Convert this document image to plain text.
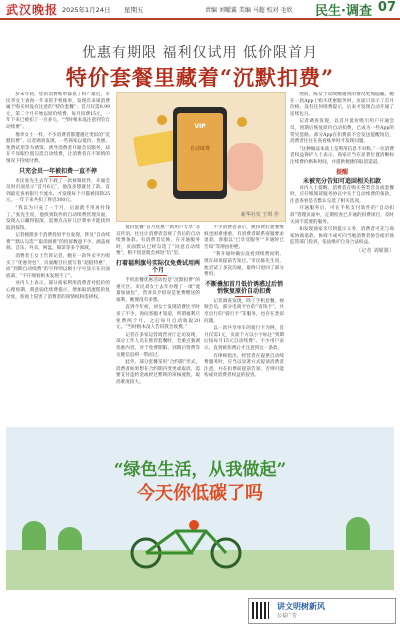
武汉晚报 2025年1月24日 星期五	责编 刘曜翼 美编 马超 校对 毛欣 民生·调查 07
优惠有期限 福利仅试用 低价限首月
特价套餐里藏着“沉默扣费”

岁末年初，您的消费账单都查了吗？最近，市民李女士查询一年来的手机账单，发现有多项消费属于购买时没有注意的“特价套餐”：首月仅需0.99元，第二个月开始以原价续费，每月扣费15元，一年下来已被扣了一百多元，“当时根本没注意到会自动续费”。

像李女士一样，不少消费者都遭遇过类似的“沉默扣费”。记者调查发现，一些商家以低价、优惠、免费试用等为诱饵，诱导消费者开通会员服务，却在不显眼位置勾选自动续费，让消费者在不知情的情况下持续付费。

只充会员一年被扣费一直不停

市民张先生去年下载了一款视频软件，开通会员时页面显示“首月6元”，他没多想就付了款。直到最近查看银行卡流水，才发现每个月都被扣除25元，一年下来共扣了将近300元。

“我以为只充了一个月，后面就不用再付钱了。”张先生说，他找到软件的自动续费管理页面，发现入口藏得很深，需要点击好几层菜单才能找到取消按钮。

记者梳理多个消费投诉平台发现，涉及“自动续费”“默认勾选”“取消困难”的投诉数量不少，涵盖视频、音乐、外卖、网盘、阅读等多个领域。

消费者王女士告诉记者，她在一款外卖平台购买了“优惠券包”，页面醒目位置写着“超值特惠”，而“到期自动续费”的字样则以极小字号显示在页面底部，“不仔细看根本发现不了”。

业内人士表示，部分商家利用消费者对低价的心理预期，刻意弱化续费提示，增加取消流程的复杂度，客观上侵害了消费者的知情权和选择权。

VIP
自动续费
新华社发 王琪 作

低价套餐“首月优惠”“新用户专享”等宣传语，往往让消费者忽视了背后的自动续费条款。有消费者反映，在开通服务时，页面默认已经勾选了“同意自动续费”，稍不留意就会掉进“坑”里。

打着福利旗号实际仅免费试用两个月

手机套餐优惠活动也是“沉默扣费”的重灾区。市民刘女士去年办理了一项“流量加油包”，营业员介绍说是免费赠送的福利，她便没有多想。

直到今年初，刘女士发现话费比平时多了不少，询问客服才知道，所谓福利只免费两个月，之后每月自动收取20元。“当时根本没人告诉我会收费。”

记者在多家运营商营业厅走访发现，部分工作人员在推荐套餐时，会重点强调优惠内容，对于免费期限、到期后资费等关键信息则一带而过。

此外，部分套餐采用“合约期”形式，消费者如果想在合约期内变更或取消，需要支付违约金或经过繁琐的审核流程，取消难度较大。

不少消费者表示，被扣费后想要维权也困难重重。有消费者联系客服要求退款，客服以“已享受服务”“开通时已告知”等理由拒绝。

“我开通时确实没看到续费说明，现在却说提前告知过。”市民陈先生说，他尝试了多次沟通，最终只退回了部分费用。

不断叠加首月低价诱惑过后悄悄恢复原价自动扣费

记者调查发现，除了手机套餐、视频会员，部分电商平台的“省钱卡”、共享出行的“骑行卡”等服务，也存在类似问题。

以一款共享单车的骑行卡为例，首月仅需1元，页面下方以小字标注“到期后按每月15元自动续费”。不少用户表示，直到被扣费后才注意到这一条款。

有律师指出，经营者在提供自动续费服务时，应当以显著方式提请消费者注意，并在扣费前提前告知，否则可能构成对消费者权益的侵害。

然而，陈女士反映她遇到的情况更加隐蔽。她在一款App上购买优惠服务时，页面只显示了首月价格，没有任何续费提示，后来才发现自动开通了连续包月。

记者调查发现，以首月低价吸引用户开通会员，到期后恢复原价自动扣费，已成为一些App的常见套路。部分App在扣费前不会发送提醒短信，消费者往往在查看账单时才发现问题。

“这种做法本质上是利用信息不对称。”一位消费者权益保护人士表示，商家应当在显著位置清晰标注续费价格和时间，并提供便捷的取消渠道。

提醒
未被充分告知可追回相关扣款

业内人士提醒，消费者在购买各类会员或套餐时，应仔细阅读服务协议中关于自动续费的条款，注意查看是否默认勾选了相关选项。

开通服务后，可在手机支付软件的“自动扣款”管理页面中，定期检查已开通的扣费项目，及时关闭不需要的服务。

如发现商家未尽到提示义务，消费者可先与商家协商退款，协商不成可向当地消费者协会或市场监管部门投诉，依法维护自身合法权益。

（记者 刘曜翼）
“绿色生活，从我做起”
今天你低碳了吗
讲文明树新风
公益广告
